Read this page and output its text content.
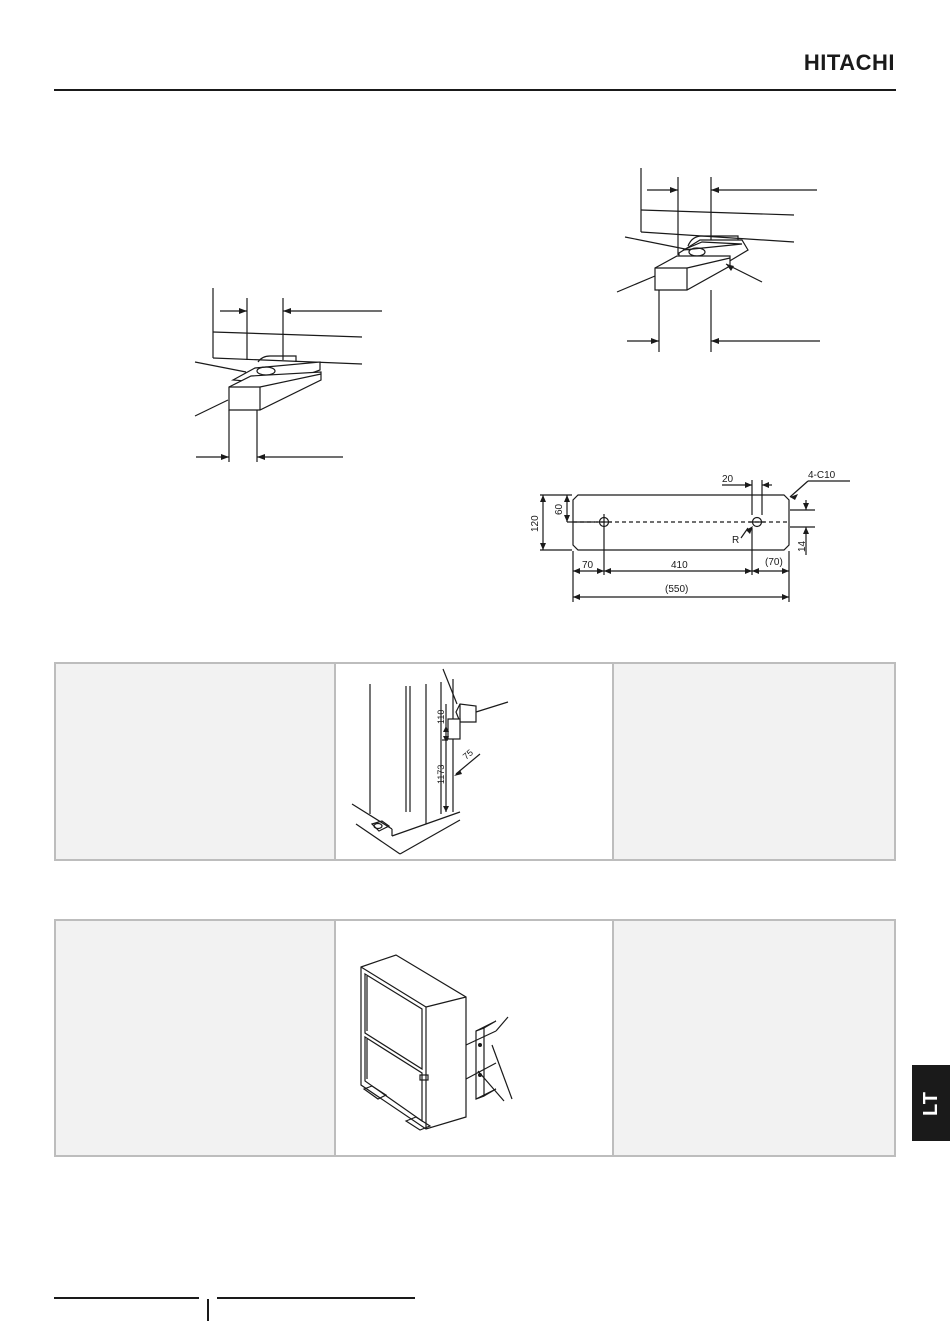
HITACHI
20	4-C10
120
60
R
14
70	410	(70)
(550)
110
1173
75
LT
